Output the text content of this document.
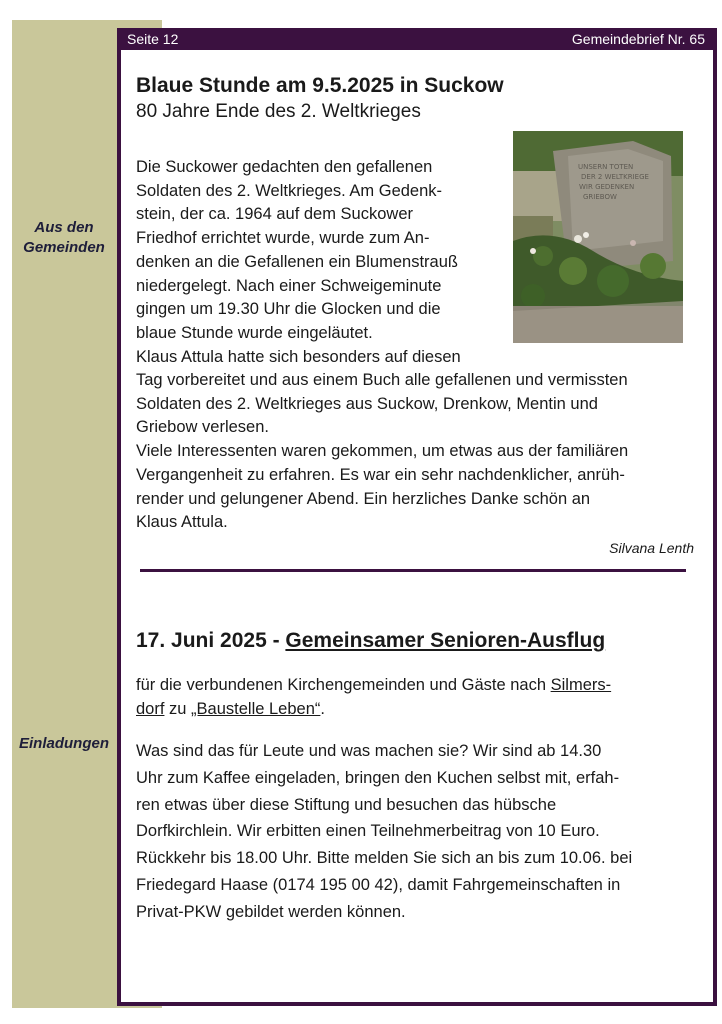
Seite 12	Gemeindebrief Nr. 65
Aus den
Gemeinden
Einladungen
Blaue Stunde am 9.5.2025 in Suckow
80 Jahre Ende des 2. Weltkrieges
UNSERN TOTEN
DER 2 WELTKRIEGE
WIR GEDENKEN
GRIEBOW
Die Suckower gedachten den gefallenen
Soldaten des 2. Weltkrieges. Am Gedenk-
stein, der ca. 1964 auf dem Suckower
Friedhof errichtet wurde, wurde zum An-
denken an die Gefallenen ein Blumenstrauß
niedergelegt. Nach einer Schweigeminute
gingen um 19.30 Uhr die Glocken und die
blaue Stunde wurde eingeläutet.
Klaus Attula hatte sich besonders auf diesen
Tag vorbereitet und aus einem Buch alle gefallenen und vermissten
Soldaten des 2. Weltkrieges aus Suckow, Drenkow, Mentin und
Griebow verlesen.
Viele Interessenten waren gekommen, um etwas aus der familiären
Vergangenheit zu erfahren. Es war ein sehr nachdenklicher, anrüh-
render und gelungener Abend. Ein herzliches Danke schön an
Klaus Attula.
Silvana Lenth
17. Juni 2025 - Gemeinsamer Senioren-Ausflug
für die verbundenen Kirchengemeinden und Gäste nach Silmers-
dorf zu „Baustelle Leben“.
Was sind das für Leute und was machen sie? Wir sind ab 14.30
Uhr zum Kaffee eingeladen, bringen den Kuchen selbst mit, erfah-
ren etwas über diese Stiftung und besuchen das hübsche
Dorfkirchlein. Wir erbitten einen Teilnehmerbeitrag von 10 Euro.
Rückkehr bis 18.00 Uhr. Bitte melden Sie sich an bis zum 10.06. bei
Friedegard Haase (0174 195 00 42), damit Fahrgemeinschaften in
Privat-PKW gebildet werden können.
